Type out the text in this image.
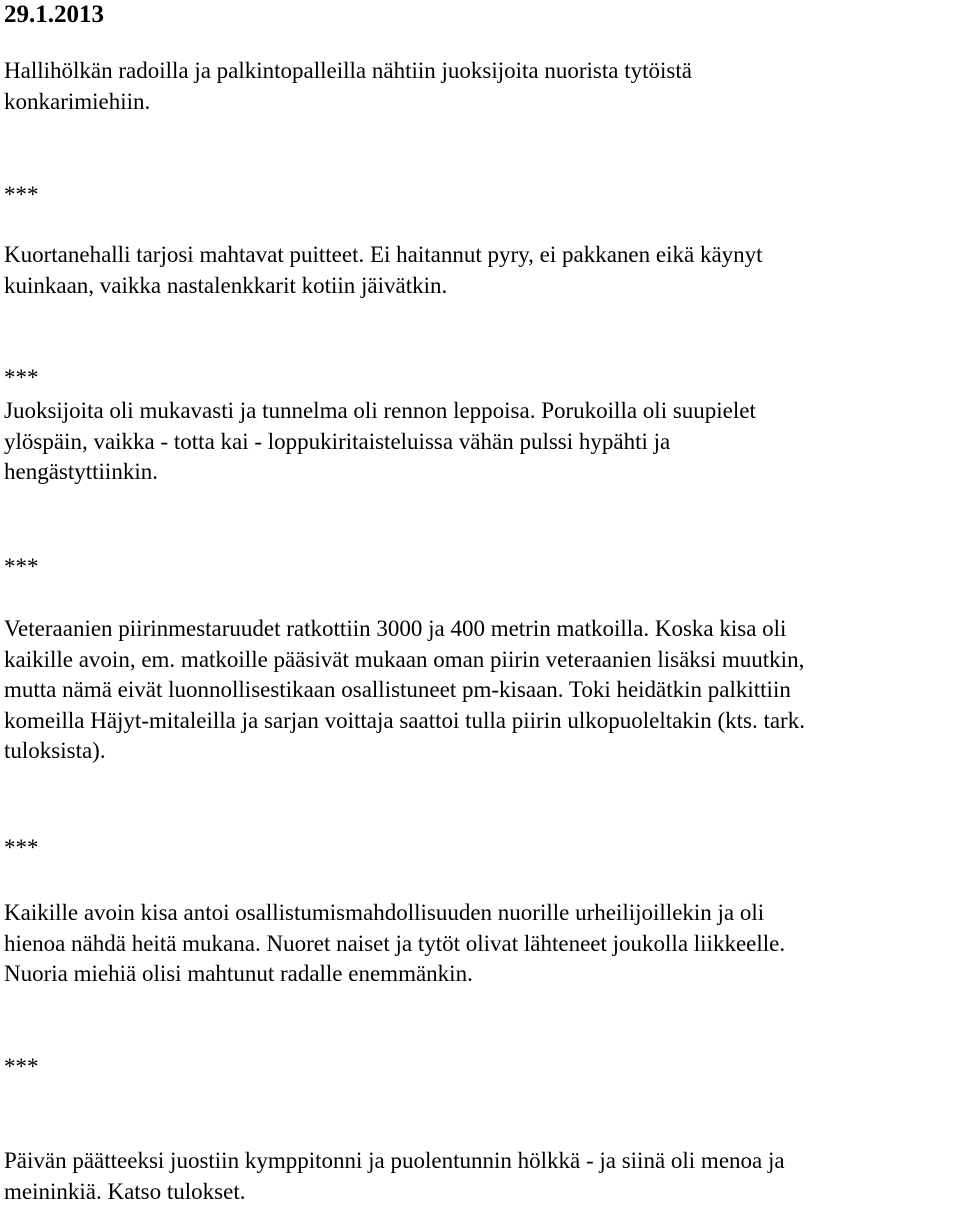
29.1.2013

Hallihölkän radoilla ja palkintopalleilla nähtiin juoksijoita nuorista tytöistä
konkarimiehiin.

***

Kuortanehalli tarjosi mahtavat puitteet. Ei haitannut pyry, ei pakkanen eikä käynyt
kuinkaan, vaikka nastalenkkarit kotiin jäivätkin.

***

Juoksijoita oli mukavasti ja tunnelma oli rennon leppoisa. Porukoilla oli suupielet
ylöspäin, vaikka - totta kai - loppukiritaisteluissa vähän pulssi hypähti ja
hengästyttiinkin.

***

Veteraanien piirinmestaruudet ratkottiin 3000 ja 400 metrin matkoilla. Koska kisa oli
kaikille avoin, em. matkoille pääsivät mukaan oman piirin veteraanien lisäksi muutkin,
mutta nämä eivät luonnollisestikaan osallistuneet pm-kisaan. Toki heidätkin palkittiin
komeilla Häjyt-mitaleilla ja sarjan voittaja saattoi tulla piirin ulkopuoleltakin (kts. tark.
tuloksista).

***

Kaikille avoin kisa antoi osallistumismahdollisuuden nuorille urheilijoillekin ja oli
hienoa nähdä heitä mukana. Nuoret naiset ja tytöt olivat lähteneet joukolla liikkeelle.
Nuoria miehiä olisi mahtunut radalle enemmänkin.

***

Päivän päätteeksi juostiin kymppitonni ja puolentunnin hölkkä - ja siinä oli menoa ja
meininkiä. Katso tulokset.
